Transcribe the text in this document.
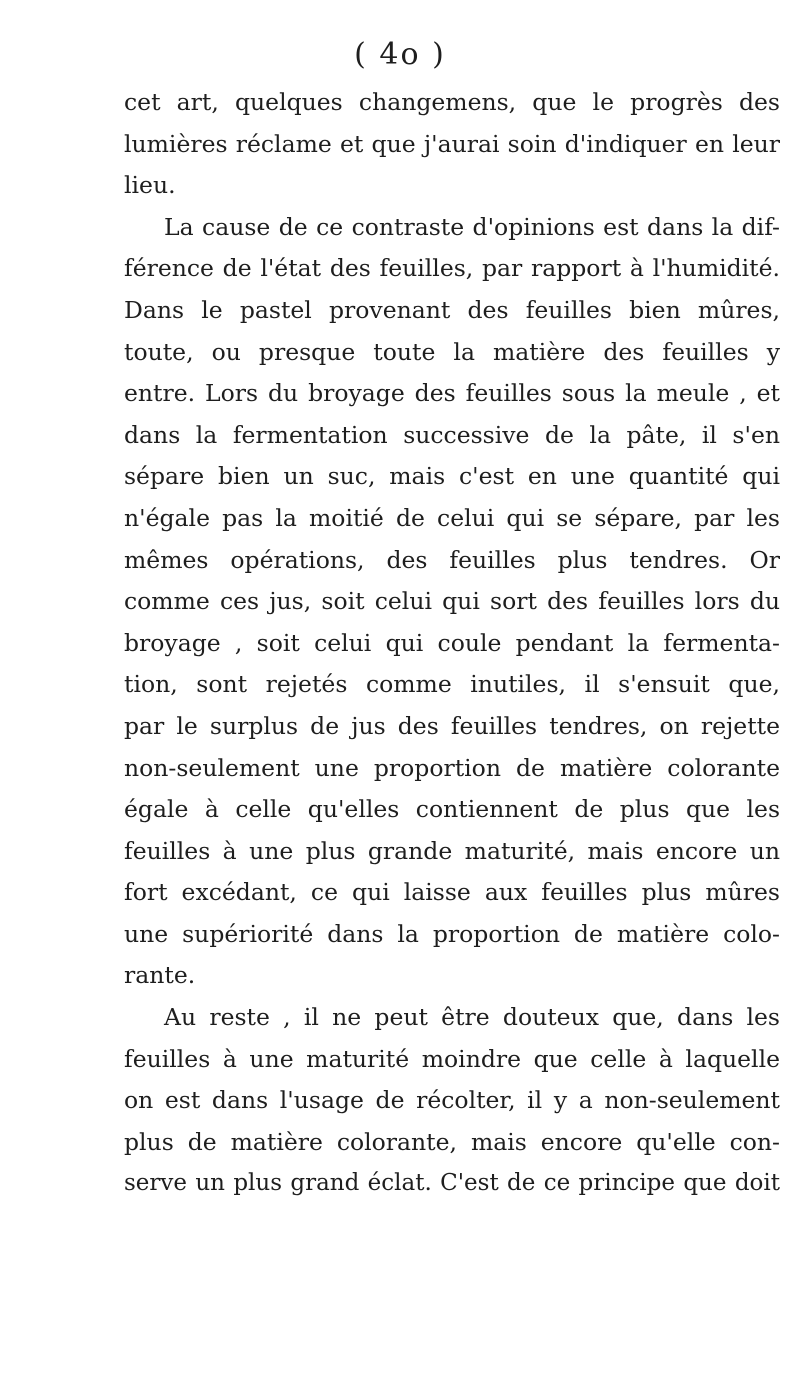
( 4o )
cet art, quelques changemens, que le progrès des
lumières réclame et que j'aurai soin d'indiquer en leur
lieu.
La cause de ce contraste d'opinions est dans la dif-
férence de l'état des feuilles, par rapport à l'humidité.
Dans le pastel provenant des feuilles bien mûres,
toute, ou presque toute la matière des feuilles y
entre. Lors du broyage des feuilles sous la meule , et
dans la fermentation successive de la pâte, il s'en
sépare bien un suc, mais c'est en une quantité qui
n'égale pas la moitié de celui qui se sépare, par les
mêmes opérations, des feuilles plus tendres. Or
comme ces jus, soit celui qui sort des feuilles lors du
broyage , soit celui qui coule pendant la fermenta-
tion, sont rejetés comme inutiles, il s'ensuit que,
par le surplus de jus des feuilles tendres, on rejette
non-seulement une proportion de matière colorante
égale à celle qu'elles contiennent de plus que les
feuilles à une plus grande maturité, mais encore un
fort excédant, ce qui laisse aux feuilles plus mûres
une supériorité dans la proportion de matière colo-
rante.
Au reste , il ne peut être douteux que, dans les
feuilles à une maturité moindre que celle à laquelle
on est dans l'usage de récolter, il y a non-seulement
plus de matière colorante, mais encore qu'elle con-
serve un plus grand éclat. C'est de ce principe que doit
